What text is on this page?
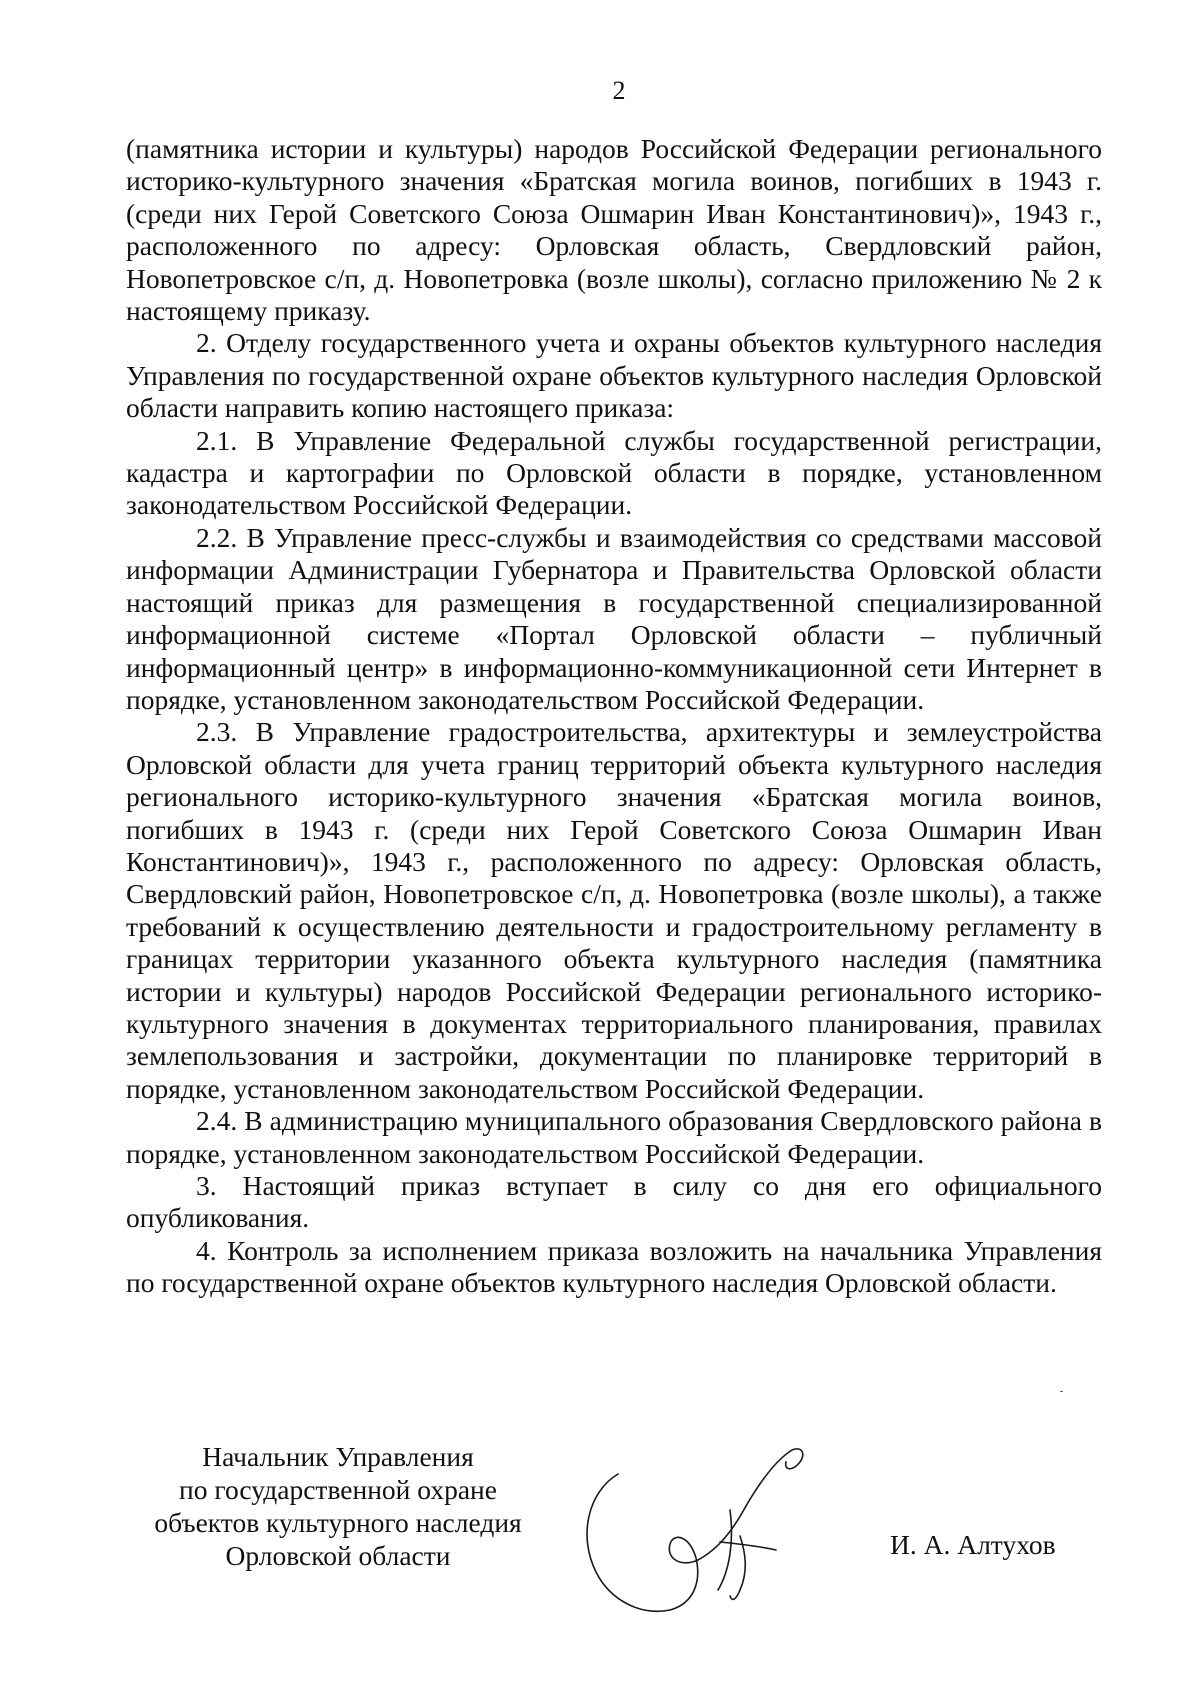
2

(памятника истории и культуры) народов Российской Федерации регионального историко-культурного значения «Братская могила воинов, погибших в 1943 г. (среди них Герой Советского Союза Ошмарин Иван Константинович)», 1943 г., расположенного по адресу: Орловская область, Свердловский район, Новопетровское с/п, д. Новопетровка (возле школы), согласно приложению № 2 к настоящему приказу.

2. Отделу государственного учета и охраны объектов культурного наследия Управления по государственной охране объектов культурного наследия Орловской области направить копию настоящего приказа:

2.1. В Управление Федеральной службы государственной регистрации, кадастра и картографии по Орловской области в порядке, установленном законодательством Российской Федерации.

2.2. В Управление пресс-службы и взаимодействия со средствами массовой информации Администрации Губернатора и Правительства Орловской области настоящий приказ для размещения в государственной специализированной информационной системе «Портал Орловской области – публичный информационный центр» в информационно-коммуникационной сети Интернет в порядке, установленном законодательством Российской Федерации.

2.3. В Управление градостроительства, архитектуры и землеустройства Орловской области для учета границ территорий объекта культурного наследия регионального историко-культурного значения «Братская могила воинов, погибших в 1943 г. (среди них Герой Советского Союза Ошмарин Иван Константинович)», 1943 г., расположенного по адресу: Орловская область, Свердловский район, Новопетровское с/п, д. Новопетровка (возле школы), а также требований к осуществлению деятельности и градостроительному регламенту в границах территории указанного объекта культурного наследия (памятника истории и культуры) народов Российской Федерации регионального историко-культурного значения в документах территориального планирования, правилах землепользования и застройки, документации по планировке территорий в порядке, установленном законодательством Российской Федерации.

2.4. В администрацию муниципального образования Свердловского района в порядке, установленном законодательством Российской Федерации.

3. Настоящий приказ вступает в силу со дня его официального опубликования.

4. Контроль за исполнением приказа возложить на начальника Управления по государственной охране объектов культурного наследия Орловской области.

Начальник Управления
по государственной охране
объектов культурного наследия
Орловской области	И. А. Алтухов
